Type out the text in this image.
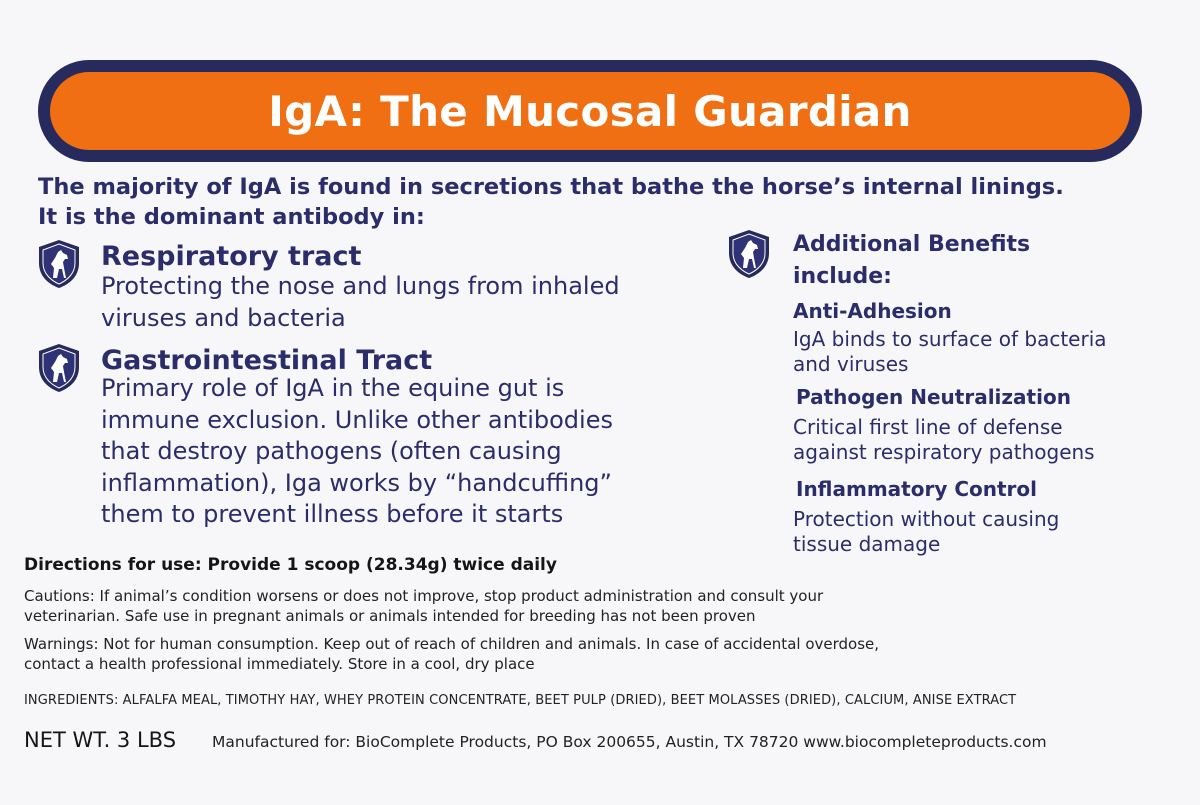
IgA: The Mucosal Guardian
The majority of IgA is found in secretions that bathe the horse’s internal linings.
It is the dominant antibody in:
Respiratory tract
Protecting the nose and lungs from inhaled
viruses and bacteria
Gastrointestinal Tract
Primary role of IgA in the equine gut is
immune exclusion. Unlike other antibodies
that destroy pathogens (often causing
inflammation), Iga works by “handcuffing”
them to prevent illness before it starts
Additional Benefits
include:
Anti-Adhesion
IgA binds to surface of bacteria
and viruses
Pathogen Neutralization
Critical first line of defense
against respiratory pathogens
Inflammatory Control
Protection without causing
tissue damage
Directions for use: Provide 1 scoop (28.34g) twice daily
Cautions: If animal’s condition worsens or does not improve, stop product administration and consult your
veterinarian. Safe use in pregnant animals or animals intended for breeding has not been proven
Warnings: Not for human consumption. Keep out of reach of children and animals. In case of accidental overdose,
contact a health professional immediately. Store in a cool, dry place
INGREDIENTS: ALFALFA MEAL, TIMOTHY HAY, WHEY PROTEIN CONCENTRATE, BEET PULP (DRIED), BEET MOLASSES (DRIED), CALCIUM, ANISE EXTRACT
NET WT. 3 LBS Manufactured for: BioComplete Products, PO Box 200655, Austin, TX 78720 www.biocompleteproducts.com
